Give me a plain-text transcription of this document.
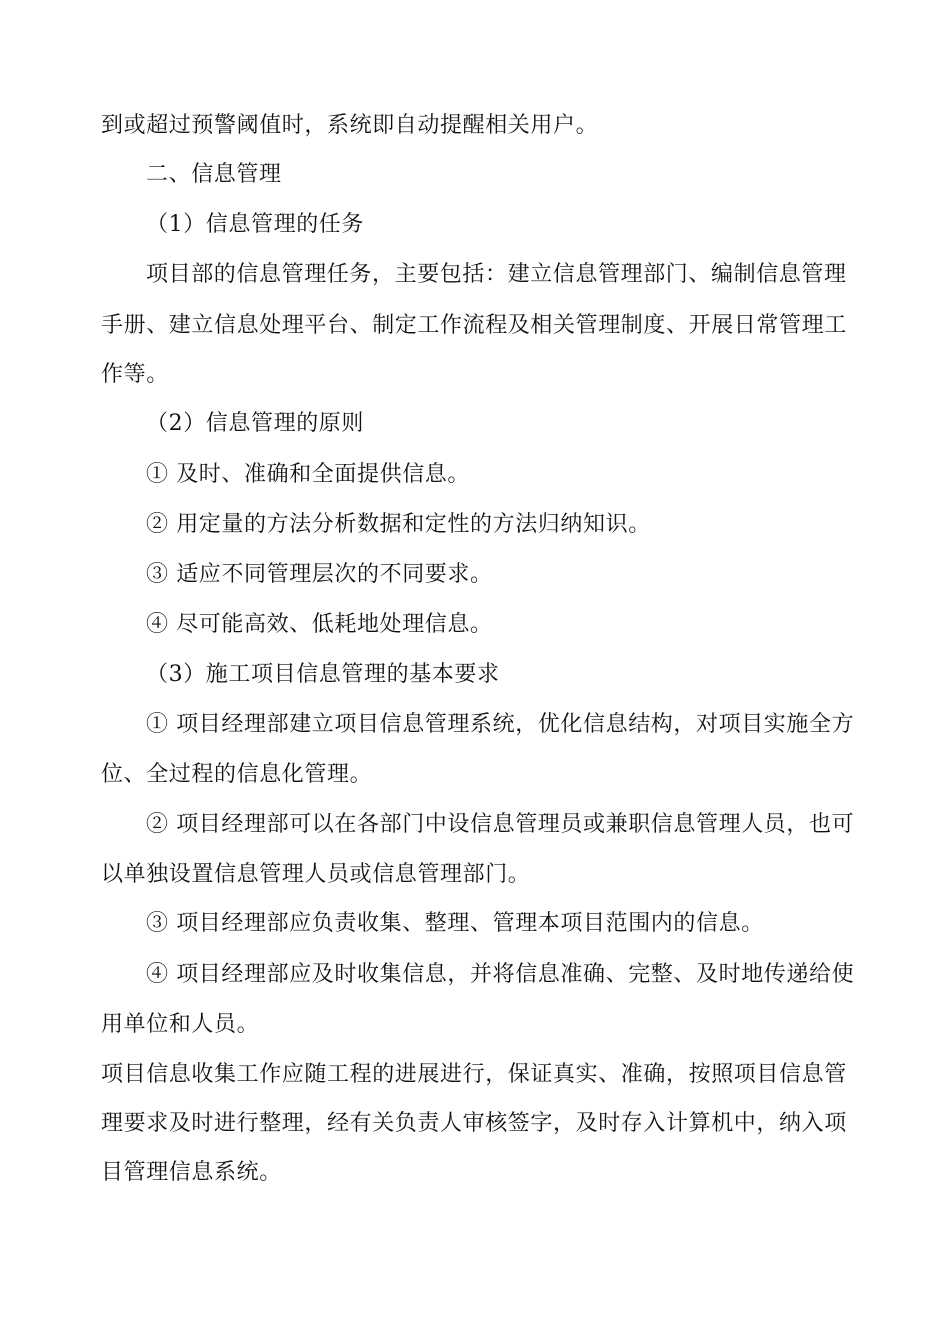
到或超过预警阈值时，系统即自动提醒相关用户。
二、信息管理
（1）信息管理的任务
项目部的信息管理任务，主要包括：建立信息管理部门、编制信息管理
手册、建立信息处理平台、制定工作流程及相关管理制度、开展日常管理工
作等。
（2）信息管理的原则
① 及时、准确和全面提供信息。
② 用定量的方法分析数据和定性的方法归纳知识。
③ 适应不同管理层次的不同要求。
④ 尽可能高效、低耗地处理信息。
（3）施工项目信息管理的基本要求
① 项目经理部建立项目信息管理系统，优化信息结构，对项目实施全方
位、全过程的信息化管理。
② 项目经理部可以在各部门中设信息管理员或兼职信息管理人员，也可
以单独设置信息管理人员或信息管理部门。
③ 项目经理部应负责收集、整理、管理本项目范围内的信息。
④ 项目经理部应及时收集信息，并将信息准确、完整、及时地传递给使
用单位和人员。
项目信息收集工作应随工程的进展进行，保证真实、准确，按照项目信息管
理要求及时进行整理，经有关负责人审核签字，及时存入计算机中，纳入项
目管理信息系统。
